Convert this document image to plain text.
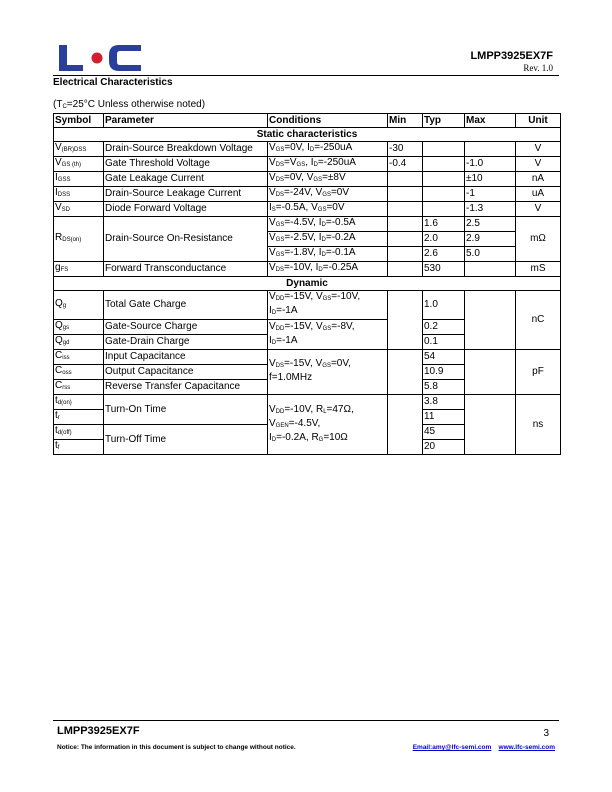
LMPP3925EX7F
Rev. 1.0
Electrical Characteristics
(TC=25°C Unless otherwise noted)
Symbol	Parameter	Conditions	Min	Typ	Max	Unit
Static characteristics						
V(BR)DSS	Drain-Source Breakdown Voltage	VGS=0V, ID=-250uA	-30			V
VGS (th)	Gate Threshold Voltage	VDS=VGS, ID=-250uA	-0.4		-1.0	V
IGSS	Gate Leakage Current	VDS=0V, VGS=±8V			±10	nA
IDSS	Drain-Source Leakage Current	VDS=-24V, VGS=0V			-1	uA
VSD	Diode Forward Voltage	IS=-0.5A, VGS=0V			-1.3	V
RDS(on)	Drain-Source On-Resistance	VGS=-4.5V, ID=-0.5A		1.6	2.5	mΩ
		VGS=-2.5V, ID=-0.2A		2.0	2.9	
		VGS=-1.8V, ID=-0.1A		2.6	5.0	
gFS	Forward Transconductance	VDS=-10V, ID=-0.25A		530		mS
Dynamic						
Qg	Total Gate Charge	VDD=-15V, VGS=-10V,
ID=-1A		1.0		nC
Qgs	Gate-Source Charge	VDD=-15V, VGS=-8V,
ID=-1A		0.2		
Qgd	Gate-Drain Charge			0.1		
Ciss	Input Capacitance	VDS=-15V, VGS=0V,
f=1.0MHz		54		pF
Coss	Output Capacitance			10.9		
Crss	Reverse Transfer Capacitance			5.8		
td(on)	Turn-On Time	VDD=-10V, RL=47Ω,
VGEN=-4.5V,
ID=-0.2A, RG=10Ω		3.8		ns
tr				11		
td(off)	Turn-Off Time			45		
tf				20		
LMPP3925EX7F	3
Notice: The information in this document is subject to change without notice.	Email:amy@lfc-semi.com www.lfc-semi.com
